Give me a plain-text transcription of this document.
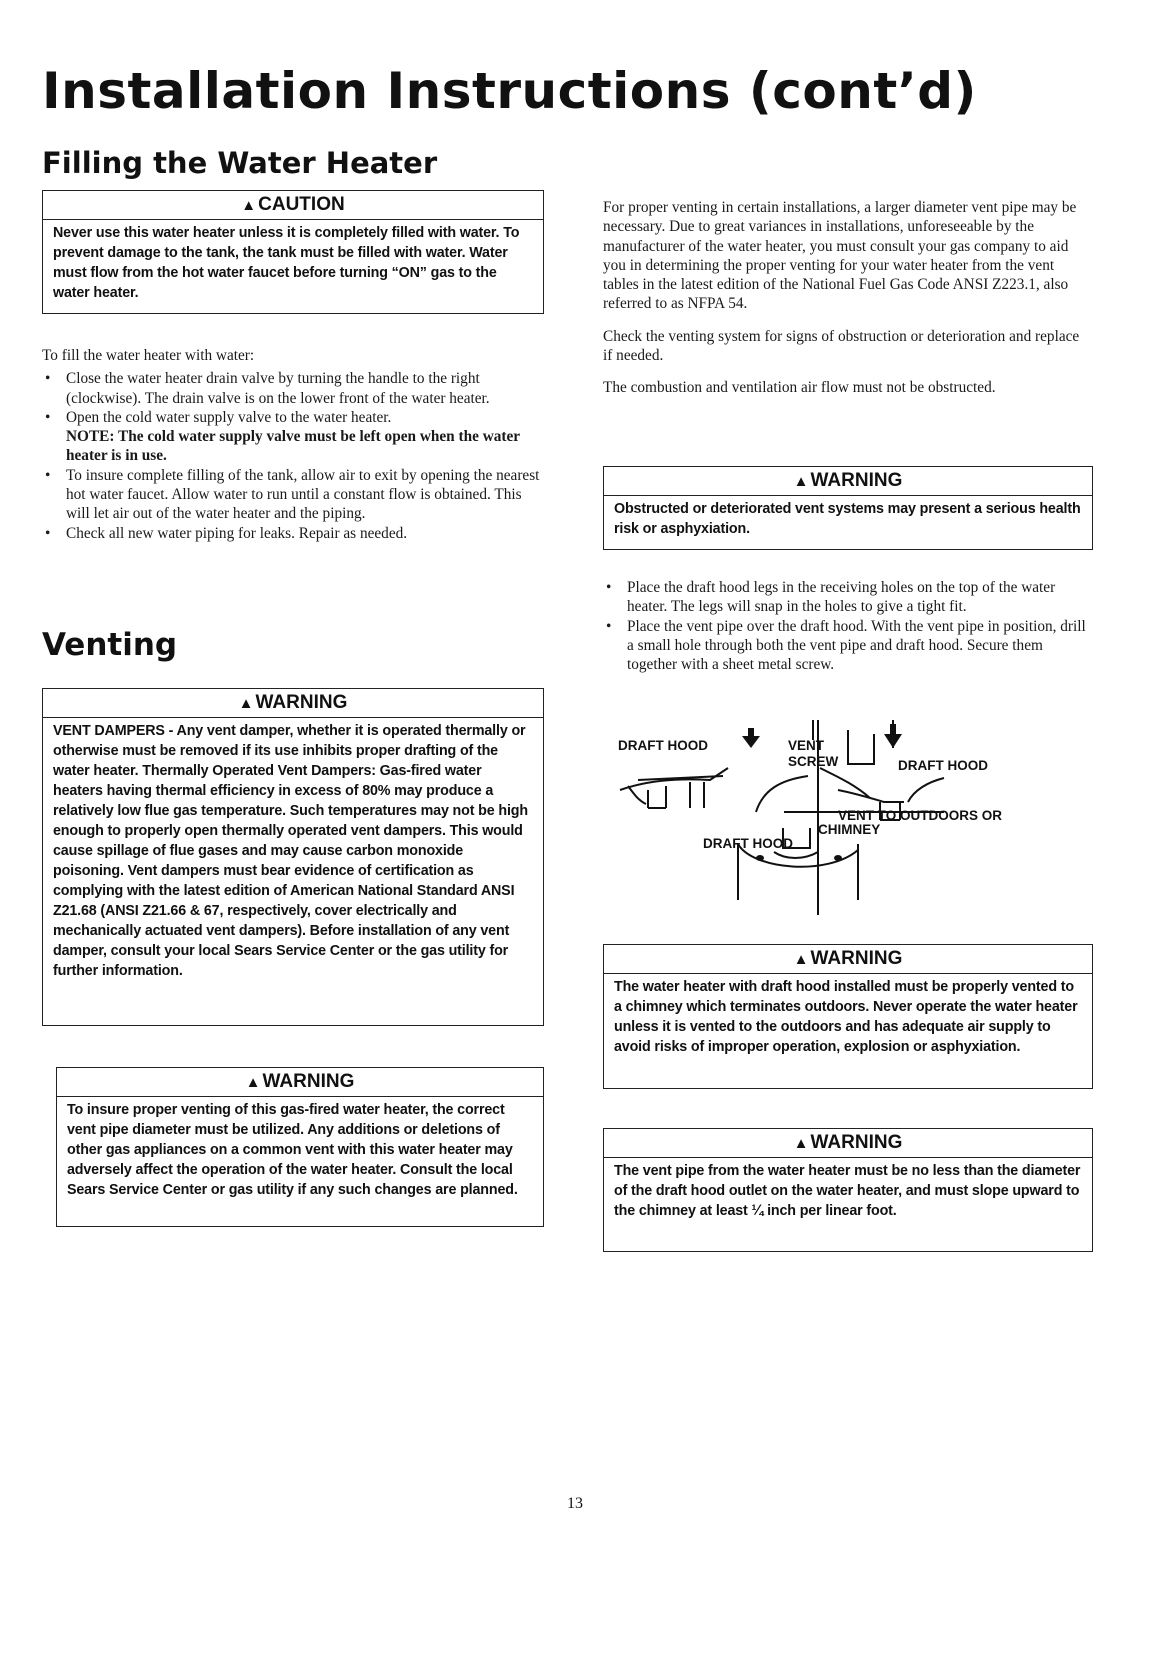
Installation Instructions (cont’d)
Filling the Water Heater
▲ CAUTION
Never use this water heater unless it is completely filled with water. To prevent damage to the tank, the tank must be filled with water. Water must flow from the hot water faucet before turning “ON” gas to the water heater.
To fill the water heater with water:
• Close the water heater drain valve by turning the handle to the right (clockwise). The drain valve is on the lower front of the water heater.
• Open the cold water supply valve to the water heater.
NOTE: The cold water supply valve must be left open when the water heater is in use.
• To insure complete filling of the tank, allow air to exit by opening the nearest hot water faucet. Allow water to run until a constant flow is obtained. This will let air out of the water heater and the piping.
• Check all new water piping for leaks. Repair as needed.
Venting
▲ WARNING
VENT DAMPERS - Any vent damper, whether it is operated thermally or otherwise must be removed if its use inhibits proper drafting of the water heater. Thermally Operated Vent Dampers: Gas-fired water heaters having thermal efficiency in excess of 80% may produce a relatively low flue gas temperature. Such temperatures may not be high enough to properly open thermally operated vent dampers. This would cause spillage of flue gases and may cause carbon monoxide poisoning. Vent dampers must bear evidence of certification as complying with the latest edition of American National Standard ANSI Z21.68 (ANSI Z21.66 & 67, respectively, cover electrically and mechanically actuated vent dampers). Before installation of any vent damper, consult your local Sears Service Center or the gas utility for further information.
▲ WARNING
To insure proper venting of this gas-fired water heater, the correct vent pipe diameter must be utilized. Any additions or deletions of other gas appliances on a common vent with this water heater may adversely affect the operation of the water heater. Consult the local Sears Service Center or gas utility if any such changes are planned.

For proper venting in certain installations, a larger diameter vent pipe may be necessary. Due to great variances in installations, unforeseeable by the manufacturer of the water heater, you must consult your gas company to aid you in determining the proper venting for your water heater from the vent tables in the latest edition of the National Fuel Gas Code ANSI Z223.1, also referred to as NFPA 54.

Check the venting system for signs of obstruction or deterioration and replace if needed.

The combustion and ventilation air flow must not be obstructed.

▲ WARNING
Obstructed or deteriorated vent systems may present a serious health risk or asphyxiation.
• Place the draft hood legs in the receiving holes on the top of the water heater. The legs will snap in the holes to give a tight fit.
• Place the vent pipe over the draft hood. With the vent pipe in position, drill a small hole through both the vent pipe and draft hood. Secure them together with a sheet metal screw.
DRAFT HOOD	VENT
SCREW	DRAFT HOOD
VENT TO OUTDOORS OR
CHIMNEY
DRAFT HOOD
▲ WARNING
The water heater with draft hood installed must be properly vented to a chimney which terminates outdoors. Never operate the water heater unless it is vented to the outdoors and has adequate air supply to avoid risks of improper operation, explosion or asphyxiation.
▲ WARNING
The vent pipe from the water heater must be no less than the diameter of the draft hood outlet on the water heater, and must slope upward to the chimney at least ¼ inch per linear foot.
13
